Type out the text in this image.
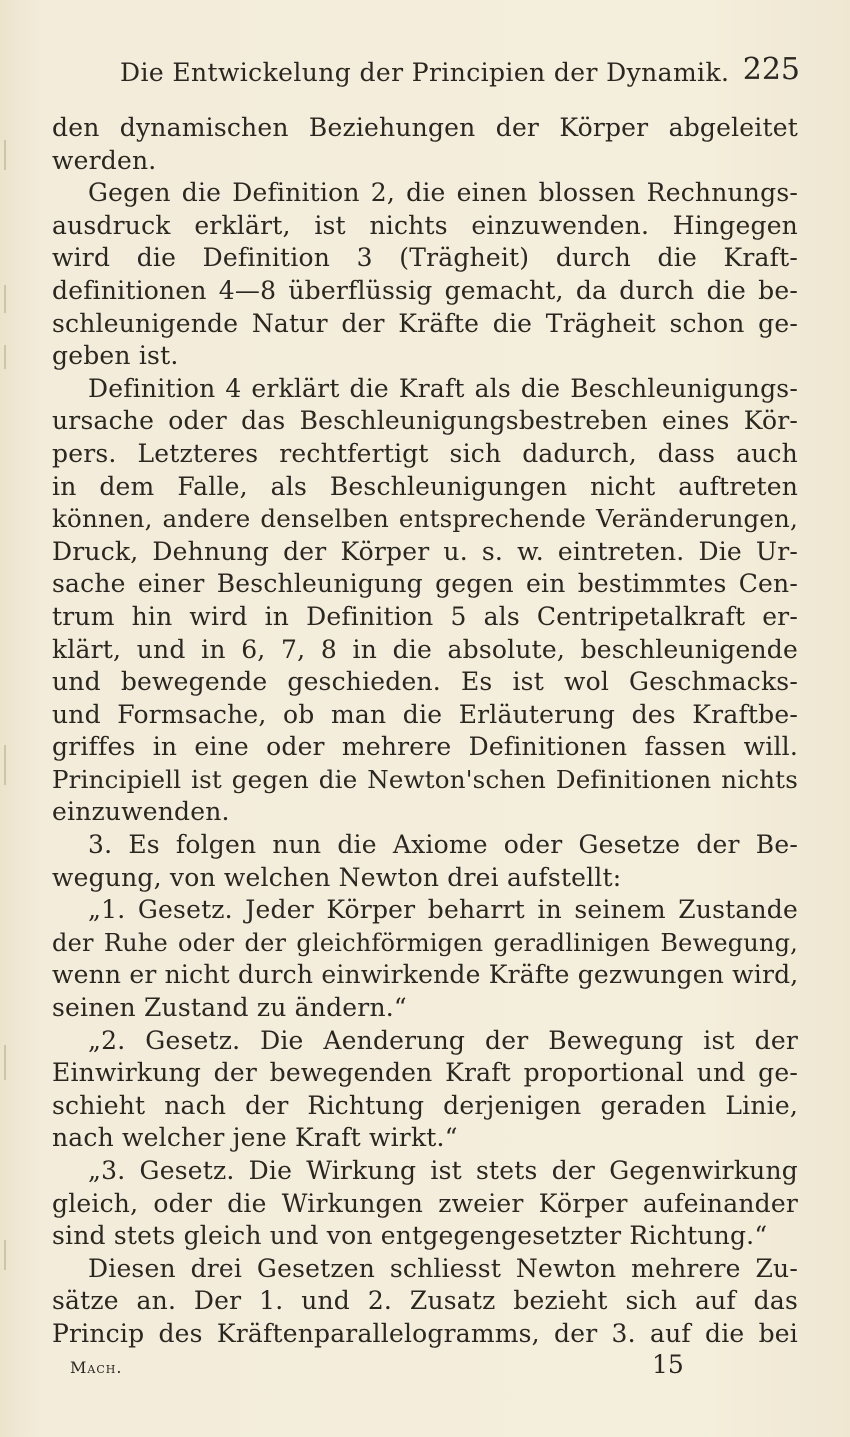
Die Entwickelung der Principien der Dynamik. 225
den dynamischen Beziehungen der Körper abgeleitet
werden.
Gegen die Definition 2, die einen blossen Rechnungs-
ausdruck erklärt, ist nichts einzuwenden. Hingegen
wird die Definition 3 (Trägheit) durch die Kraft-
definitionen 4—8 überflüssig gemacht, da durch die be-
schleunigende Natur der Kräfte die Trägheit schon ge-
geben ist.
Definition 4 erklärt die Kraft als die Beschleunigungs-
ursache oder das Beschleunigungsbestreben eines Kör-
pers. Letzteres rechtfertigt sich dadurch, dass auch
in dem Falle, als Beschleunigungen nicht auftreten
können, andere denselben entsprechende Veränderungen,
Druck, Dehnung der Körper u. s. w. eintreten. Die Ur-
sache einer Beschleunigung gegen ein bestimmtes Cen-
trum hin wird in Definition 5 als Centripetalkraft er-
klärt, und in 6, 7, 8 in die absolute, beschleunigende
und bewegende geschieden. Es ist wol Geschmacks-
und Formsache, ob man die Erläuterung des Kraftbe-
griffes in eine oder mehrere Definitionen fassen will.
Principiell ist gegen die Newton'schen Definitionen nichts
einzuwenden.
3. Es folgen nun die Axiome oder Gesetze der Be-
wegung, von welchen Newton drei aufstellt:
„1. Gesetz. Jeder Körper beharrt in seinem Zustande
der Ruhe oder der gleichförmigen geradlinigen Bewegung,
wenn er nicht durch einwirkende Kräfte gezwungen wird,
seinen Zustand zu ändern.“
„2. Gesetz. Die Aenderung der Bewegung ist der
Einwirkung der bewegenden Kraft proportional und ge-
schieht nach der Richtung derjenigen geraden Linie,
nach welcher jene Kraft wirkt.“
„3. Gesetz. Die Wirkung ist stets der Gegenwirkung
gleich, oder die Wirkungen zweier Körper aufeinander
sind stets gleich und von entgegengesetzter Richtung.“
Diesen drei Gesetzen schliesst Newton mehrere Zu-
sätze an. Der 1. und 2. Zusatz bezieht sich auf das
Princip des Kräftenparallelogramms, der 3. auf die bei
Mach.	15
